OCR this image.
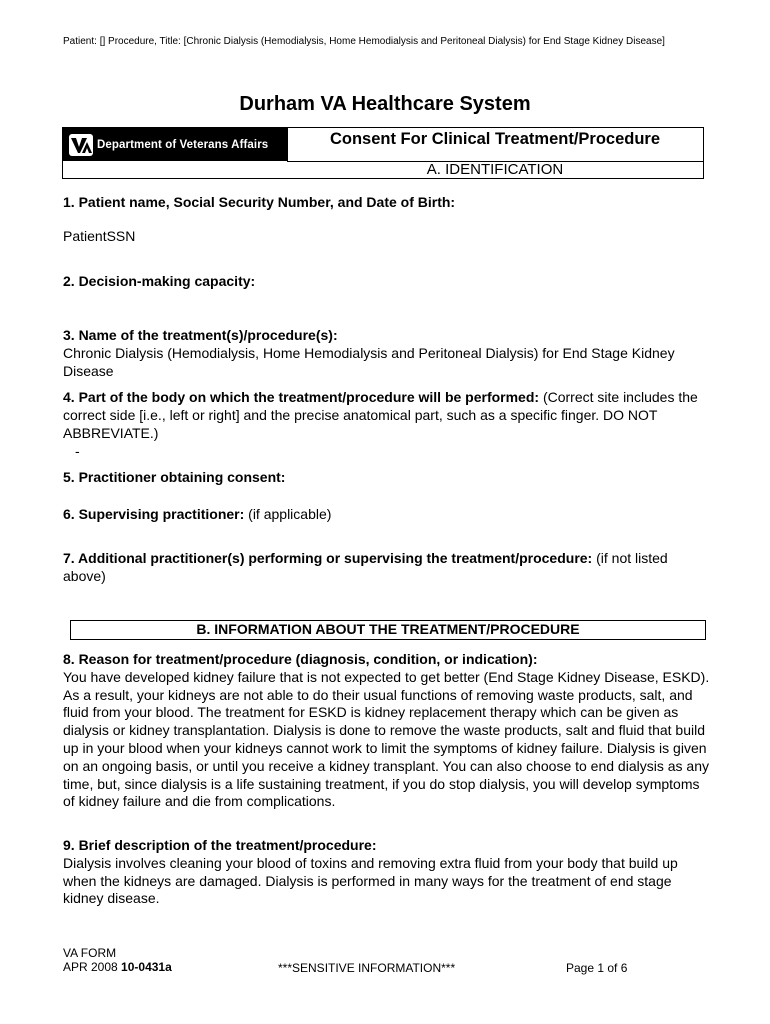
Patient: [] Procedure, Title: [Chronic Dialysis (Hemodialysis, Home Hemodialysis and Peritoneal Dialysis) for End Stage Kidney Disease]
Durham VA Healthcare System
Department of Veterans Affairs	Consent For Clinical Treatment/Procedure
A. IDENTIFICATION
1. Patient name, Social Security Number, and Date of Birth:
PatientSSN
2. Decision-making capacity:
3. Name of the treatment(s)/procedure(s):
Chronic Dialysis (Hemodialysis, Home Hemodialysis and Peritoneal Dialysis) for End Stage Kidney Disease
4. Part of the body on which the treatment/procedure will be performed: (Correct site includes the correct side [i.e., left or right] and the precise anatomical part, such as a specific finger. DO NOT ABBREVIATE.)
-
5. Practitioner obtaining consent:
6. Supervising practitioner: (if applicable)
7. Additional practitioner(s) performing or supervising the treatment/procedure: (if not listed above)
B. INFORMATION ABOUT THE TREATMENT/PROCEDURE
8. Reason for treatment/procedure (diagnosis, condition, or indication):
You have developed kidney failure that is not expected to get better (End Stage Kidney Disease, ESKD). As a result, your kidneys are not able to do their usual functions of removing waste products, salt, and fluid from your blood. The treatment for ESKD is kidney replacement therapy which can be given as dialysis or kidney transplantation. Dialysis is done to remove the waste products, salt and fluid that build up in your blood when your kidneys cannot work to limit the symptoms of kidney failure. Dialysis is given on an ongoing basis, or until you receive a kidney transplant. You can also choose to end dialysis as any time, but, since dialysis is a life sustaining treatment, if you do stop dialysis, you will develop symptoms of kidney failure and die from complications.
9. Brief description of the treatment/procedure:
Dialysis involves cleaning your blood of toxins and removing extra fluid from your body that build up when the kidneys are damaged. Dialysis is performed in many ways for the treatment of end stage kidney disease.
VA FORM
APR 2008 10-0431a	***SENSITIVE INFORMATION***	Page 1 of 6
